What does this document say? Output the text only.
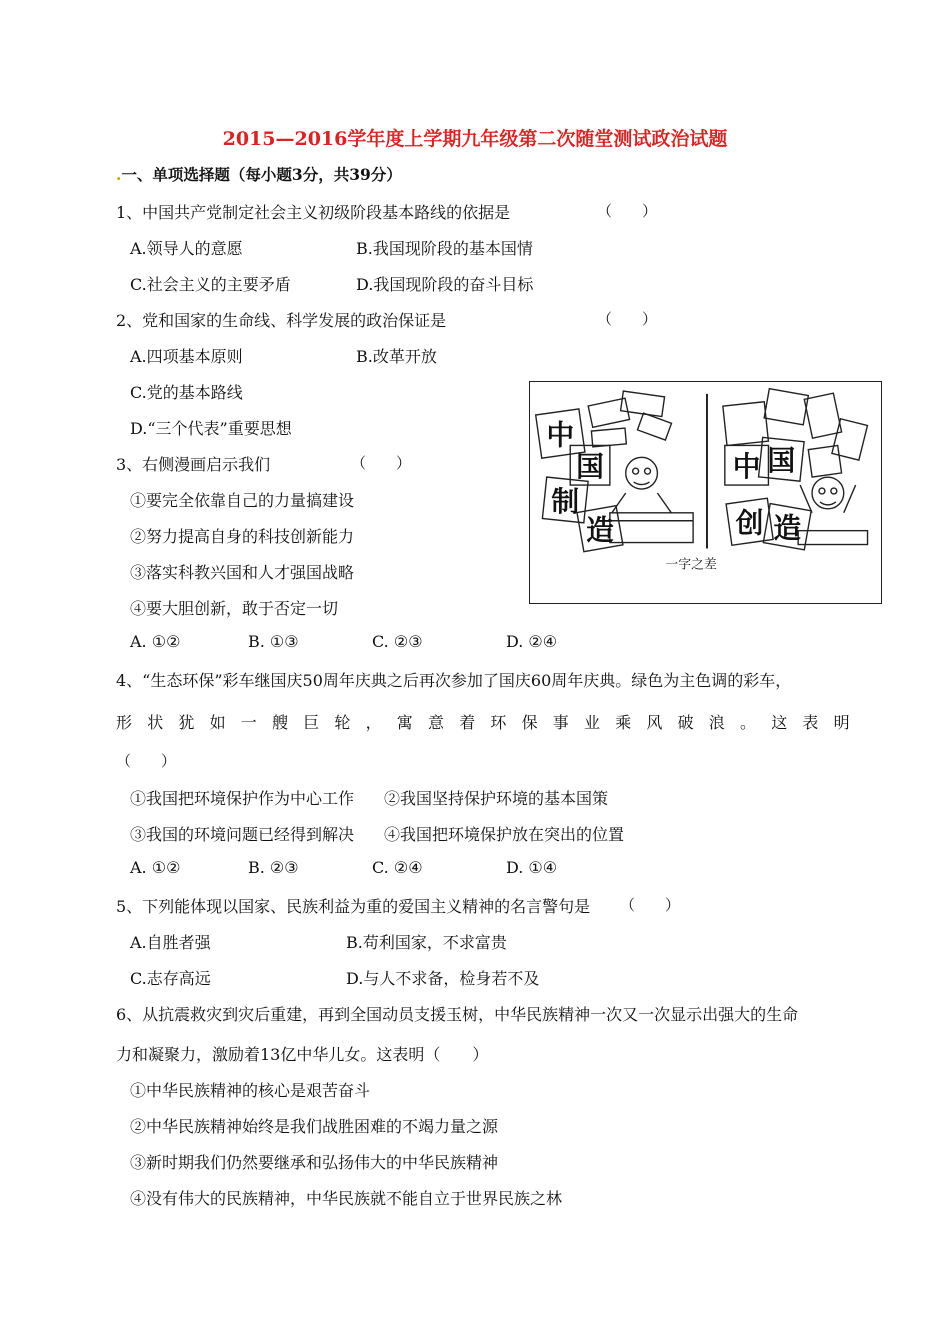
2015—2016学年度上学期九年级第二次随堂测试政治试题
.一、单项选择题（每小题3分，共39分）
1、中国共产党制定社会主义初级阶段基本路线的依据是	（　　）
A.领导人的意愿	B.我国现阶段的基本国情
C.社会主义的主要矛盾	D.我国现阶段的奋斗目标
2、党和国家的生命线、科学发展的政治保证是	（　　）
A.四项基本原则	B.改革开放
C.党的基本路线
D.“三个代表”重要思想
3、右侧漫画启示我们	（　　）
①要完全依靠自己的力量搞建设
②努力提高自身的科技创新能力
③落实科教兴国和人才强国战略
④要大胆创新，敢于否定一切
A. ①②	B. ①③	C. ②③	D. ②④
中
国
制
造
中 国
创 造
一字之差
4、“生态环保”彩车继国庆50周年庆典之后再次参加了国庆60周年庆典。绿色为主色调的彩车，
形状犹如一艘巨轮，寓意着环保事业乘风破浪。这表明
（　　）
①我国把环境保护作为中心工作 ②我国坚持保护环境的基本国策
③我国的环境问题已经得到解决 ④我国把环境保护放在突出的位置
A. ①②	B. ②③	C. ②④	D. ①④
5、下列能体现以国家、民族利益为重的爱国主义精神的名言警句是 （　　）
A.自胜者强	B.苟利国家，不求富贵
C.志存高远	D.与人不求备，检身若不及
6、从抗震救灾到灾后重建，再到全国动员支援玉树，中华民族精神一次又一次显示出强大的生命
力和凝聚力，激励着13亿中华儿女。这表明（　　）
①中华民族精神的核心是艰苦奋斗
②中华民族精神始终是我们战胜困难的不竭力量之源
③新时期我们仍然要继承和弘扬伟大的中华民族精神
④没有伟大的民族精神，中华民族就不能自立于世界民族之林
